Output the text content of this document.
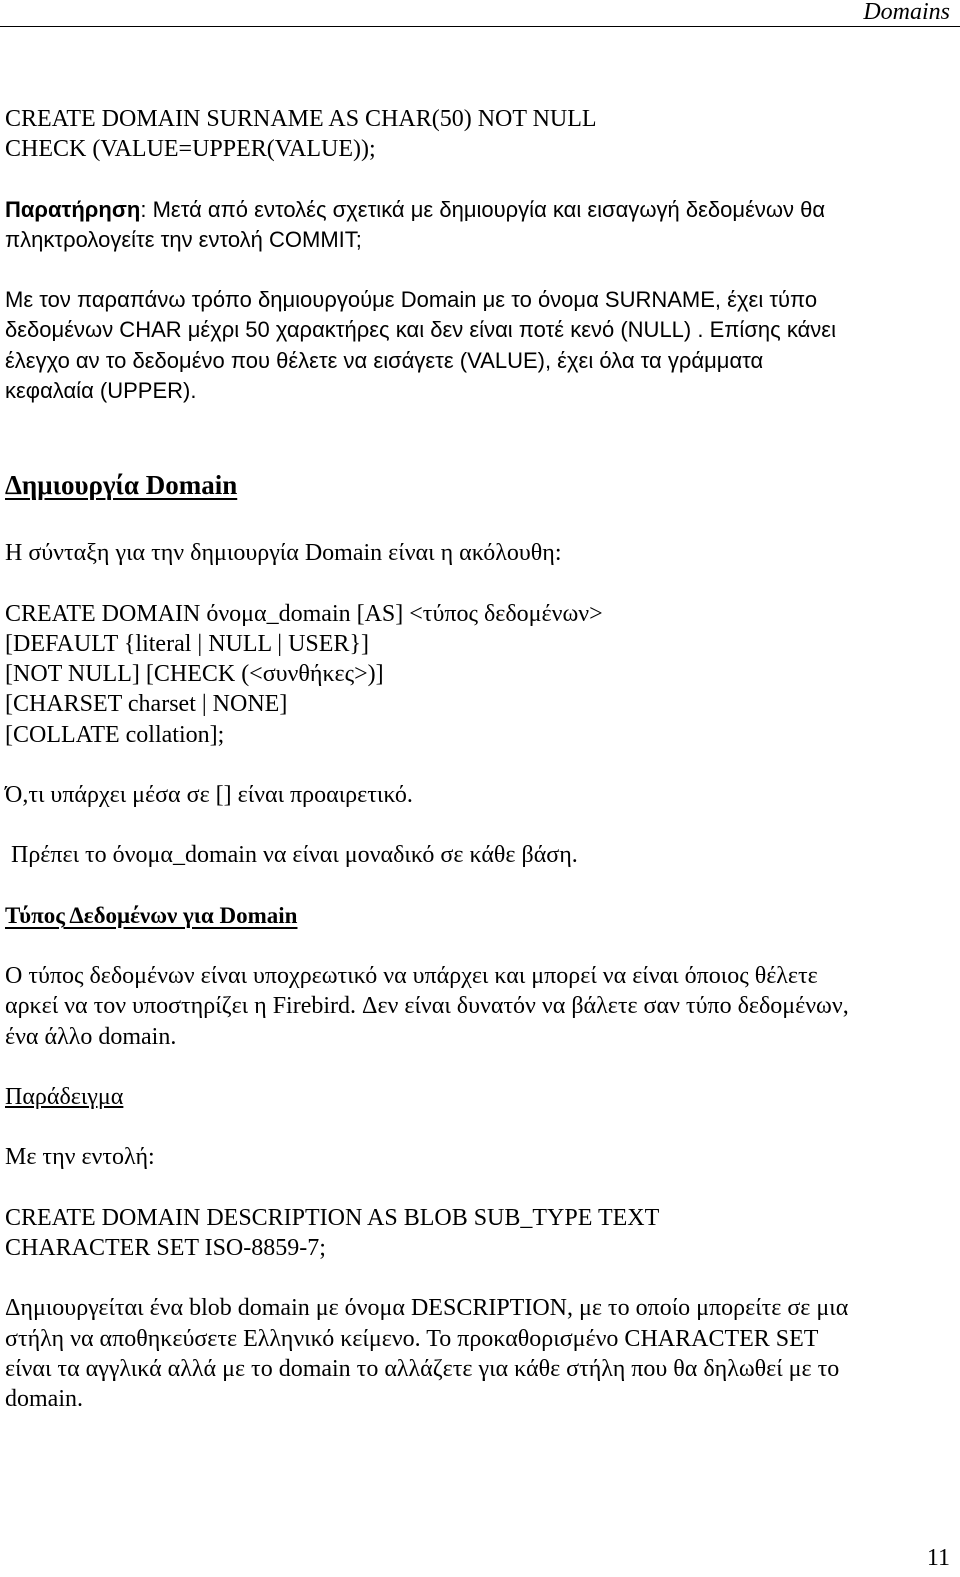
Domains

CREATE DOMAIN SURNAME AS CHAR(50) NOT NULL

CHECK (VALUE=UPPER(VALUE));

Παρατήρηση: Μετά από εντολές σχετικά με δημιουργία και εισαγωγή δεδομένων θα

πληκτρολογείτε την εντολή COMMIT;

Με τον παραπάνω τρόπο δημιουργούμε Domain με το όνομα SURNAME, έχει τύπο

δεδομένων CHAR μέχρι 50 χαρακτήρες και δεν είναι ποτέ κενό (NULL) . Επίσης κάνει

έλεγχο αν το δεδομένο που θέλετε να εισάγετε (VALUE), έχει όλα τα γράμματα

κεφαλαία (UPPER).

Δημιουργία Domain

Η σύνταξη για την δημιουργία Domain είναι η ακόλουθη:

CREATE DOMAIN όνομα_domain [AS] <τύπος δεδομένων>

[DEFAULT {literal | NULL | USER}]

[NOT NULL] [CHECK (<συνθήκες>)]

[CHARSET charset | NONE]

[COLLATE collation];

Ό,τι υπάρχει μέσα σε [] είναι προαιρετικό.

Πρέπει το όνομα_domain να είναι μοναδικό σε κάθε βάση.

Τύπος Δεδομένων για Domain

Ο τύπος δεδομένων είναι υποχρεωτικό να υπάρχει και μπορεί να είναι όποιος θέλετε

αρκεί να τον υποστηρίζει η Firebird. Δεν είναι δυνατόν να βάλετε σαν τύπο δεδομένων,

ένα άλλο domain.

Παράδειγμα

Με την εντολή:

CREATE DOMAIN DESCRIPTION AS BLOB SUB_TYPE TEXT

CHARACTER SET ISO-8859-7;

Δημιουργείται ένα blob domain με όνομα DESCRIPTION, με το οποίο μπορείτε σε μια

στήλη να αποθηκεύσετε Ελληνικό κείμενο. Το προκαθορισμένο CHARACTER SET

είναι τα αγγλικά αλλά με το domain το αλλάζετε για κάθε στήλη που θα δηλωθεί με το

domain.

11
